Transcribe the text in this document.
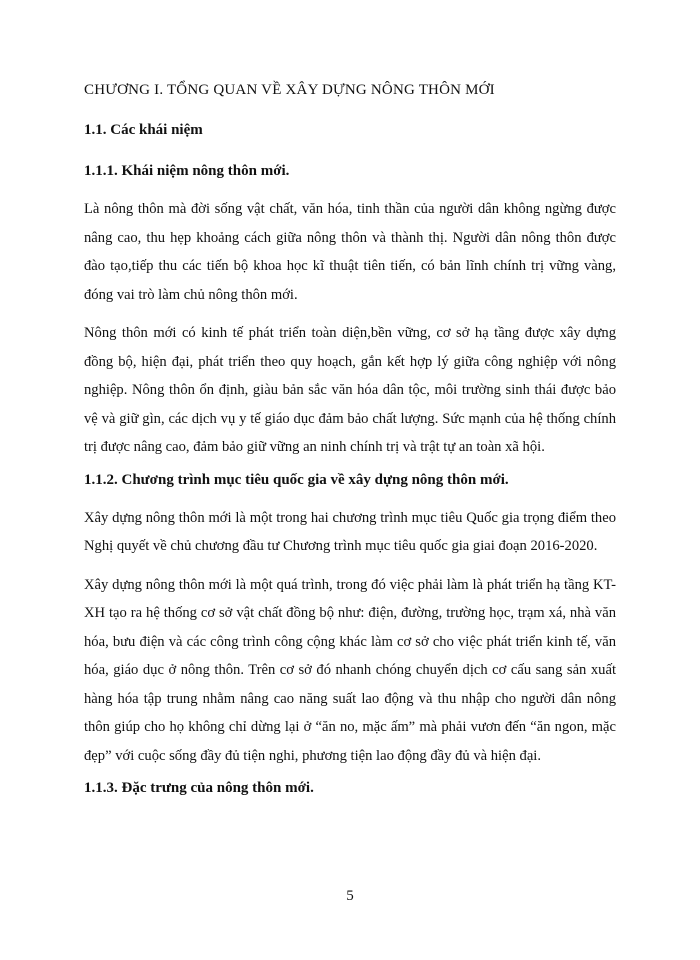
CHƯƠNG I. TỔNG QUAN VỀ XÂY DỰNG NÔNG THÔN MỚI
1.1. Các khái niệm
1.1.1. Khái niệm nông thôn mới.

Là nông thôn mà đời sống vật chất, văn hóa, tinh thần của người dân không ngừng được nâng cao, thu hẹp khoảng cách giữa nông thôn và thành thị. Người dân nông thôn được đào tạo,tiếp thu các tiến bộ khoa học kĩ thuật tiên tiến, có bản lĩnh chính trị vững vàng, đóng vai trò làm chủ nông thôn mới.

Nông thôn mới có kinh tế phát triển toàn diện,bền vững, cơ sở hạ tầng được xây dựng đồng bộ, hiện đại, phát triển theo quy hoạch, gắn kết hợp lý giữa công nghiệp với nông nghiệp. Nông thôn ổn định, giàu bản sắc văn hóa dân tộc, môi trường sinh thái được bảo vệ và giữ gìn, các dịch vụ y tế giáo dục đảm bảo chất lượng. Sức mạnh của hệ thống chính trị được nâng cao, đảm bảo giữ vững an ninh chính trị và trật tự an toàn xã hội.

1.1.2. Chương trình mục tiêu quốc gia về xây dựng nông thôn mới.

Xây dựng nông thôn mới là một trong hai chương trình mục tiêu Quốc gia trọng điểm theo Nghị quyết về chủ chương đầu tư Chương trình mục tiêu quốc gia giai đoạn 2016-2020.

Xây dựng nông thôn mới là một quá trình, trong đó việc phải làm là phát triển hạ tầng KT-XH tạo ra hệ thống cơ sở vật chất đồng bộ như: điện, đường, trường học, trạm xá, nhà văn hóa, bưu điện và các công trình công cộng khác làm cơ sở cho việc phát triển kinh tế, văn hóa, giáo dục ở nông thôn. Trên cơ sở đó nhanh chóng chuyển dịch cơ cấu sang sản xuất hàng hóa tập trung nhằm nâng cao năng suất lao động và thu nhập cho người dân nông thôn giúp cho họ không chỉ dừng lại ở “ăn no, mặc ấm” mà phải vươn đến “ăn ngon, mặc đẹp” với cuộc sống đầy đủ tiện nghi, phương tiện lao động đầy đủ và hiện đại.

1.1.3. Đặc trưng của nông thôn mới.
5
